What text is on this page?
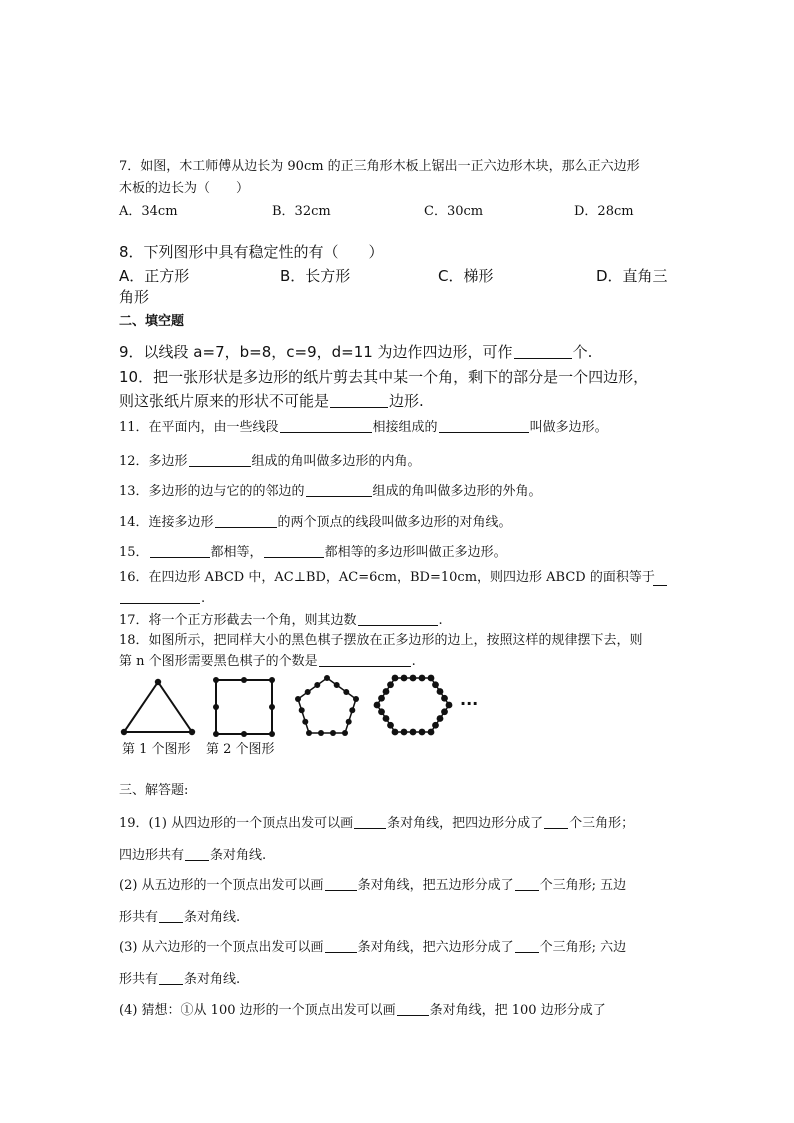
7．如图，木工师傅从边长为 90cm 的正三角形木板上锯出一正六边形木块，那么正六边形
木板的边长为（　　）
A．34cm	B．32cm	C．30cm	D．28cm
8．下列图形中具有稳定性的有（　　）
A．正方形	B．长方形	C．梯形	D．直角三
角形
二、填空题
9．以线段 a=7，b=8，c=9，d=11 为边作四边形，可作	个.
10．把一张形状是多边形的纸片剪去其中某一个角，剩下的部分是一个四边形，
则这张纸片原来的形状不可能是	边形.
11．在平面内，由一些线段	相接组成的	叫做多边形。
12．多边形	组成的角叫做多边形的内角。
13．多边形的边与它的的邻边的	组成的角叫做多边形的外角。
14．连接多边形	的两个顶点的线段叫做多边形的对角线。
15．	都相等，	都相等的多边形叫做正多边形。
16．在四边形 ABCD 中，AC⊥BD，AC=6cm，BD=10cm，则四边形 ABCD 的面积等于
.
17．将一个正方形截去一个角，则其边数	.
18．如图所示，把同样大小的黑色棋子摆放在正多边形的边上，按照这样的规律摆下去，则
第 n 个图形需要黑色棋子的个数是	.
···
第 1 个图形 第 2 个图形
三、解答题:
19．(1) 从四边形的一个顶点出发可以画	条对角线，把四边形分成了 个三角形；
四边形共有 条对角线.
(2) 从五边形的一个顶点出发可以画	条对角线，把五边形分成了 个三角形; 五边
形共有 条对角线.
(3) 从六边形的一个顶点出发可以画	条对角线，把六边形分成了 个三角形; 六边
形共有 条对角线.
(4) 猜想：①从 100 边形的一个顶点出发可以画	条对角线，把 100 边形分成了
